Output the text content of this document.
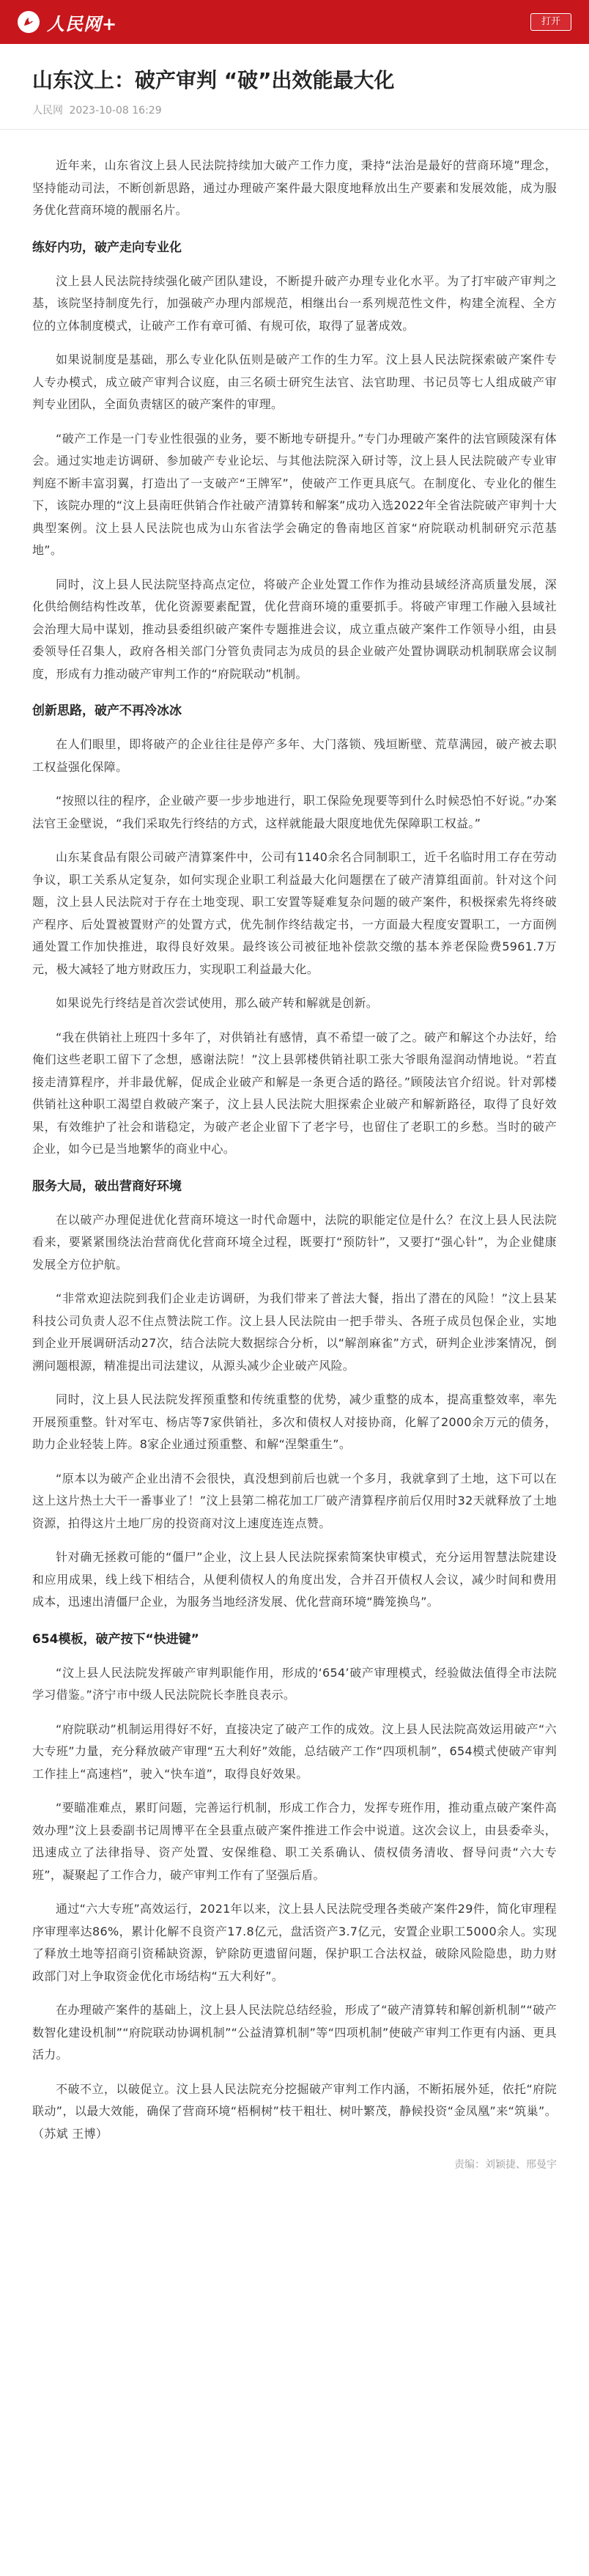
人民网+	打开
山东汶上：破产审判 “破”出效能最大化
人民网 2023-10-08 16:29

近年来，山东省汶上县人民法院持续加大破产工作力度，秉持“法治是最好的营商环境”理念，坚持能动司法，不断创新思路，通过办理破产案件最大限度地释放出生产要素和发展效能，成为服务优化营商环境的靓丽名片。

练好内功，破产走向专业化

汶上县人民法院持续强化破产团队建设，不断提升破产办理专业化水平。为了打牢破产审判之基，该院坚持制度先行，加强破产办理内部规范，相继出台一系列规范性文件，构建全流程、全方位的立体制度模式，让破产工作有章可循、有规可依，取得了显著成效。

如果说制度是基础，那么专业化队伍则是破产工作的生力军。汶上县人民法院探索破产案件专人专办模式，成立破产审判合议庭，由三名硕士研究生法官、法官助理、书记员等七人组成破产审判专业团队，全面负责辖区的破产案件的审理。

“破产工作是一门专业性很强的业务，要不断地专研提升。”专门办理破产案件的法官顾陵深有体会。通过实地走访调研、参加破产专业论坛、与其他法院深入研讨等，汶上县人民法院破产专业审判庭不断丰富羽翼，打造出了一支破产“王牌军”，使破产工作更具底气。在制度化、专业化的催生下，该院办理的“汶上县南旺供销合作社破产清算转和解案”成功入选2022年全省法院破产审判十大典型案例。汶上县人民法院也成为山东省法学会确定的鲁南地区首家“府院联动机制研究示范基地”。

同时，汶上县人民法院坚持高点定位，将破产企业处置工作作为推动县域经济高质量发展，深化供给侧结构性改革，优化资源要素配置，优化营商环境的重要抓手。将破产审理工作融入县域社会治理大局中谋划，推动县委组织破产案件专题推进会议，成立重点破产案件工作领导小组，由县委领导任召集人，政府各相关部门分管负责同志为成员的县企业破产处置协调联动机制联席会议制度，形成有力推动破产审判工作的“府院联动”机制。

创新思路，破产不再冷冰冰

在人们眼里，即将破产的企业往往是停产多年、大门落锁、残垣断壁、荒草满园，破产被去职工权益强化保障。

“按照以往的程序，企业破产要一步步地进行，职工保险免现要等到什么时候恐怕不好说。”办案法官王金壁说，“我们采取先行终结的方式，这样就能最大限度地优先保障职工权益。”

山东某食品有限公司破产清算案件中，公司有1140余名合同制职工，近千名临时用工存在劳动争议，职工关系从定复杂，如何实现企业职工利益最大化问题摆在了破产清算组面前。针对这个问题，汶上县人民法院对于存在土地变现、职工安置等疑难复杂问题的破产案件，积极探索先将终破产程序、后处置被置财产的处置方式，优先制作终结裁定书，一方面最大程度安置职工，一方面例通处置工作加快推进，取得良好效果。最终该公司被征地补偿款交缴的基本养老保险费5961.7万元，极大减轻了地方财政压力，实现职工利益最大化。

如果说先行终结是首次尝试使用，那么破产转和解就是创新。

“我在供销社上班四十多年了，对供销社有感情，真不希望一破了之。破产和解这个办法好，给俺们这些老职工留下了念想，感谢法院！”汶上县郭楼供销社职工张大爷眼角湿润动情地说。“若直接走清算程序，并非最优解，促成企业破产和解是一条更合适的路径。”顾陵法官介绍说。针对郭楼供销社这种职工渴望自救破产案子，汶上县人民法院大胆探索企业破产和解新路径，取得了良好效果，有效维护了社会和谐稳定，为破产老企业留下了老字号，也留住了老职工的乡愁。当时的破产企业，如今已是当地繁华的商业中心。

服务大局，破出营商好环境

在以破产办理促进优化营商环境这一时代命题中，法院的职能定位是什么？在汶上县人民法院看来，要紧紧围绕法治营商优化营商环境全过程，既要打“预防针”，又要打“强心针”，为企业健康发展全方位护航。

“非常欢迎法院到我们企业走访调研，为我们带来了普法大餐，指出了潜在的风险！”汶上县某科技公司负责人忍不住点赞法院工作。汶上县人民法院由一把手带头、各班子成员包保企业，实地到企业开展调研活动27次，结合法院大数据综合分析，以“解剖麻雀”方式，研判企业涉案情况，倒溯问题根源，精准提出司法建议，从源头减少企业破产风险。

同时，汶上县人民法院发挥预重整和传统重整的优势，减少重整的成本，提高重整效率，率先开展预重整。针对军屯、杨店等7家供销社，多次和债权人对接协商，化解了2000余万元的债务，助力企业轻装上阵。8家企业通过预重整、和解“涅槃重生”。

“原本以为破产企业出清不会很快，真没想到前后也就一个多月，我就拿到了土地，这下可以在这上这片热土大干一番事业了！”汶上县第二棉花加工厂破产清算程序前后仅用时32天就释放了土地资源，拍得这片土地厂房的投资商对汶上速度连连点赞。

针对确无拯救可能的“僵尸”企业，汶上县人民法院探索简案快审模式，充分运用智慧法院建设和应用成果，线上线下相结合，从便利债权人的角度出发，合并召开债权人会议，减少时间和费用成本，迅速出清僵尸企业，为服务当地经济发展、优化营商环境“腾笼换鸟”。

654模板，破产按下“快进键”

“汶上县人民法院发挥破产审判职能作用，形成的‘654’破产审理模式，经验做法值得全市法院学习借鉴。”济宁市中级人民法院院长李胜良表示。

“府院联动”机制运用得好不好，直接决定了破产工作的成效。汶上县人民法院高效运用破产“六大专班”力量，充分释放破产审理“五大利好”效能，总结破产工作“四项机制”，654模式使破产审判工作挂上“高速档”，驶入“快车道”，取得良好效果。

“要瞄准难点，累盯问题，完善运行机制，形成工作合力，发挥专班作用，推动重点破产案件高效办理”汶上县委副书记周博平在全县重点破产案件推进工作会中说道。这次会议上，由县委牵头，迅速成立了法律指导、资产处置、安保维稳、职工关系确认、债权债务清收、督导问责“六大专班”，凝聚起了工作合力，破产审判工作有了坚强后盾。

通过“六大专班”高效运行，2021年以来，汶上县人民法院受理各类破产案件29件，简化审理程序审理率达86%，累计化解不良资产17.8亿元，盘活资产3.7亿元，安置企业职工5000余人。实现了释放土地等招商引资稀缺资源，铲除防更遗留问题，保护职工合法权益，破除风险隐患，助力财政部门对上争取资金优化市场结构“五大利好”。

在办理破产案件的基础上，汶上县人民法院总结经验，形成了“破产清算转和解创新机制”“破产数智化建设机制”“府院联动协调机制”“公益清算机制”等“四项机制”使破产审判工作更有内涵、更具活力。

不破不立，以破促立。汶上县人民法院充分挖掘破产审判工作内涵，不断拓展外延，依托“府院联动”，以最大效能，确保了营商环境“梧桐树”枝干粗壮、树叶繁茂，静候投资“金凤凰”来“筑巢”。（苏斌 王博）

责编：刘颖捷、邢曼宇
